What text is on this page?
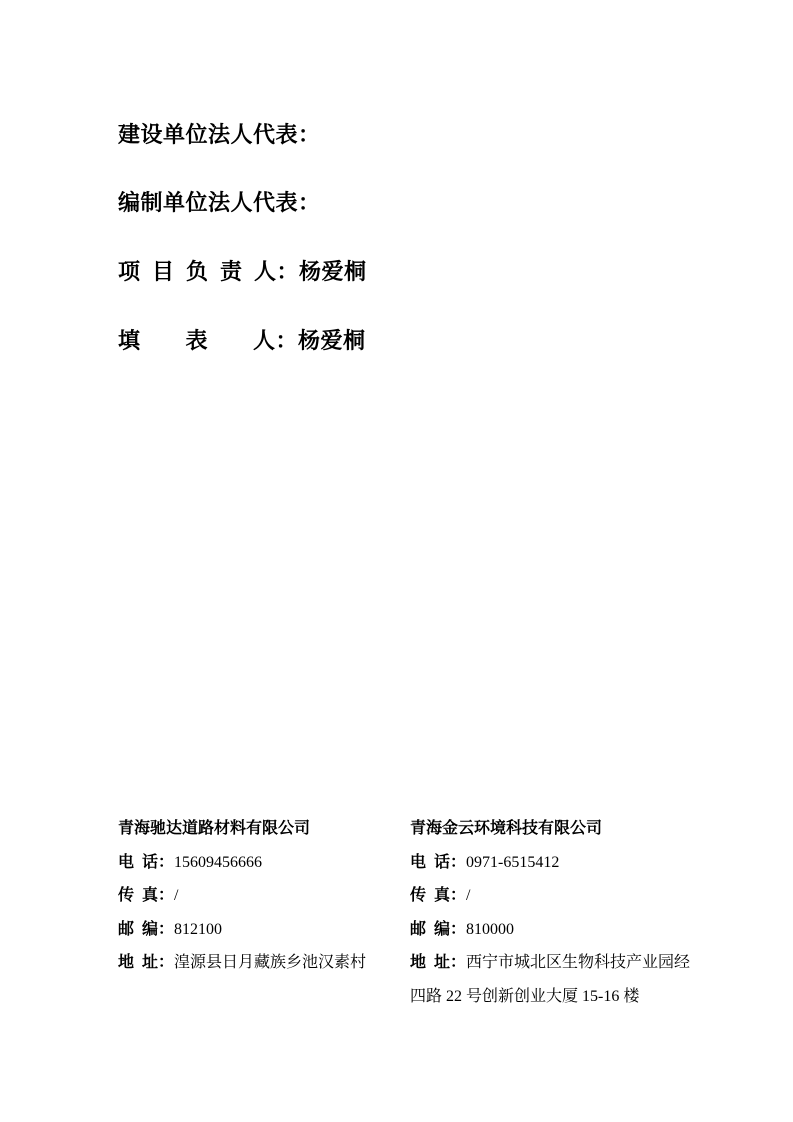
建设单位法人代表：

编制单位法人代表：

项 目 负 责 人：杨爱桐

填　　表　　人：杨爱桐

青海驰达道路材料有限公司

电 话：15609456666

传 真：/

邮 编：812100

地 址：湟源县日月藏族乡池汉素村

青海金云环境科技有限公司

电 话：0971-6515412

传 真：/

邮 编：810000

地 址：西宁市城北区生物科技产业园经
四路 22 号创新创业大厦 15-16 楼
